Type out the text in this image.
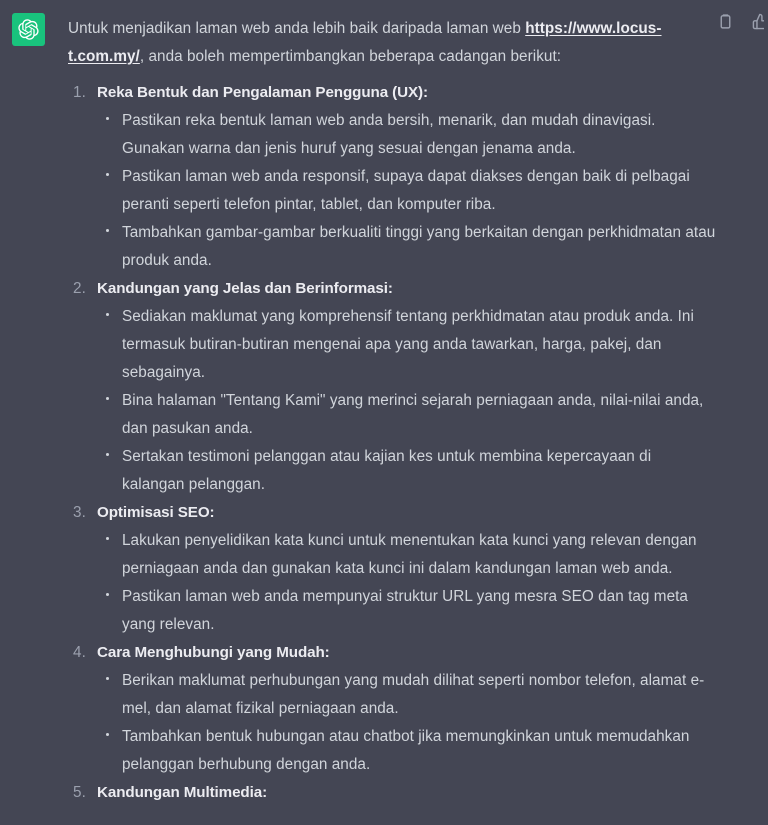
Untuk menjadikan laman web anda lebih baik daripada laman web https://www.locus-t.com.my/, anda boleh mempertimbangkan beberapa cadangan berikut:

Reka Bentuk dan Pengalaman Pengguna (UX):
Pastikan reka bentuk laman web anda bersih, menarik, dan mudah dinavigasi. Gunakan warna dan jenis huruf yang sesuai dengan jenama anda.
Pastikan laman web anda responsif, supaya dapat diakses dengan baik di pelbagai peranti seperti telefon pintar, tablet, dan komputer riba.
Tambahkan gambar-gambar berkualiti tinggi yang berkaitan dengan perkhidmatan atau produk anda.
Kandungan yang Jelas dan Berinformasi:
Sediakan maklumat yang komprehensif tentang perkhidmatan atau produk anda. Ini termasuk butiran-butiran mengenai apa yang anda tawarkan, harga, pakej, dan sebagainya.
Bina halaman "Tentang Kami" yang merinci sejarah perniagaan anda, nilai-nilai anda, dan pasukan anda.
Sertakan testimoni pelanggan atau kajian kes untuk membina kepercayaan di kalangan pelanggan.
Optimisasi SEO:
Lakukan penyelidikan kata kunci untuk menentukan kata kunci yang relevan dengan perniagaan anda dan gunakan kata kunci ini dalam kandungan laman web anda.
Pastikan laman web anda mempunyai struktur URL yang mesra SEO dan tag meta yang relevan.
Cara Menghubungi yang Mudah:
Berikan maklumat perhubungan yang mudah dilihat seperti nombor telefon, alamat e-mel, dan alamat fizikal perniagaan anda.
Tambahkan bentuk hubungan atau chatbot jika memungkinkan untuk memudahkan pelanggan berhubung dengan anda.
Kandungan Multimedia:
